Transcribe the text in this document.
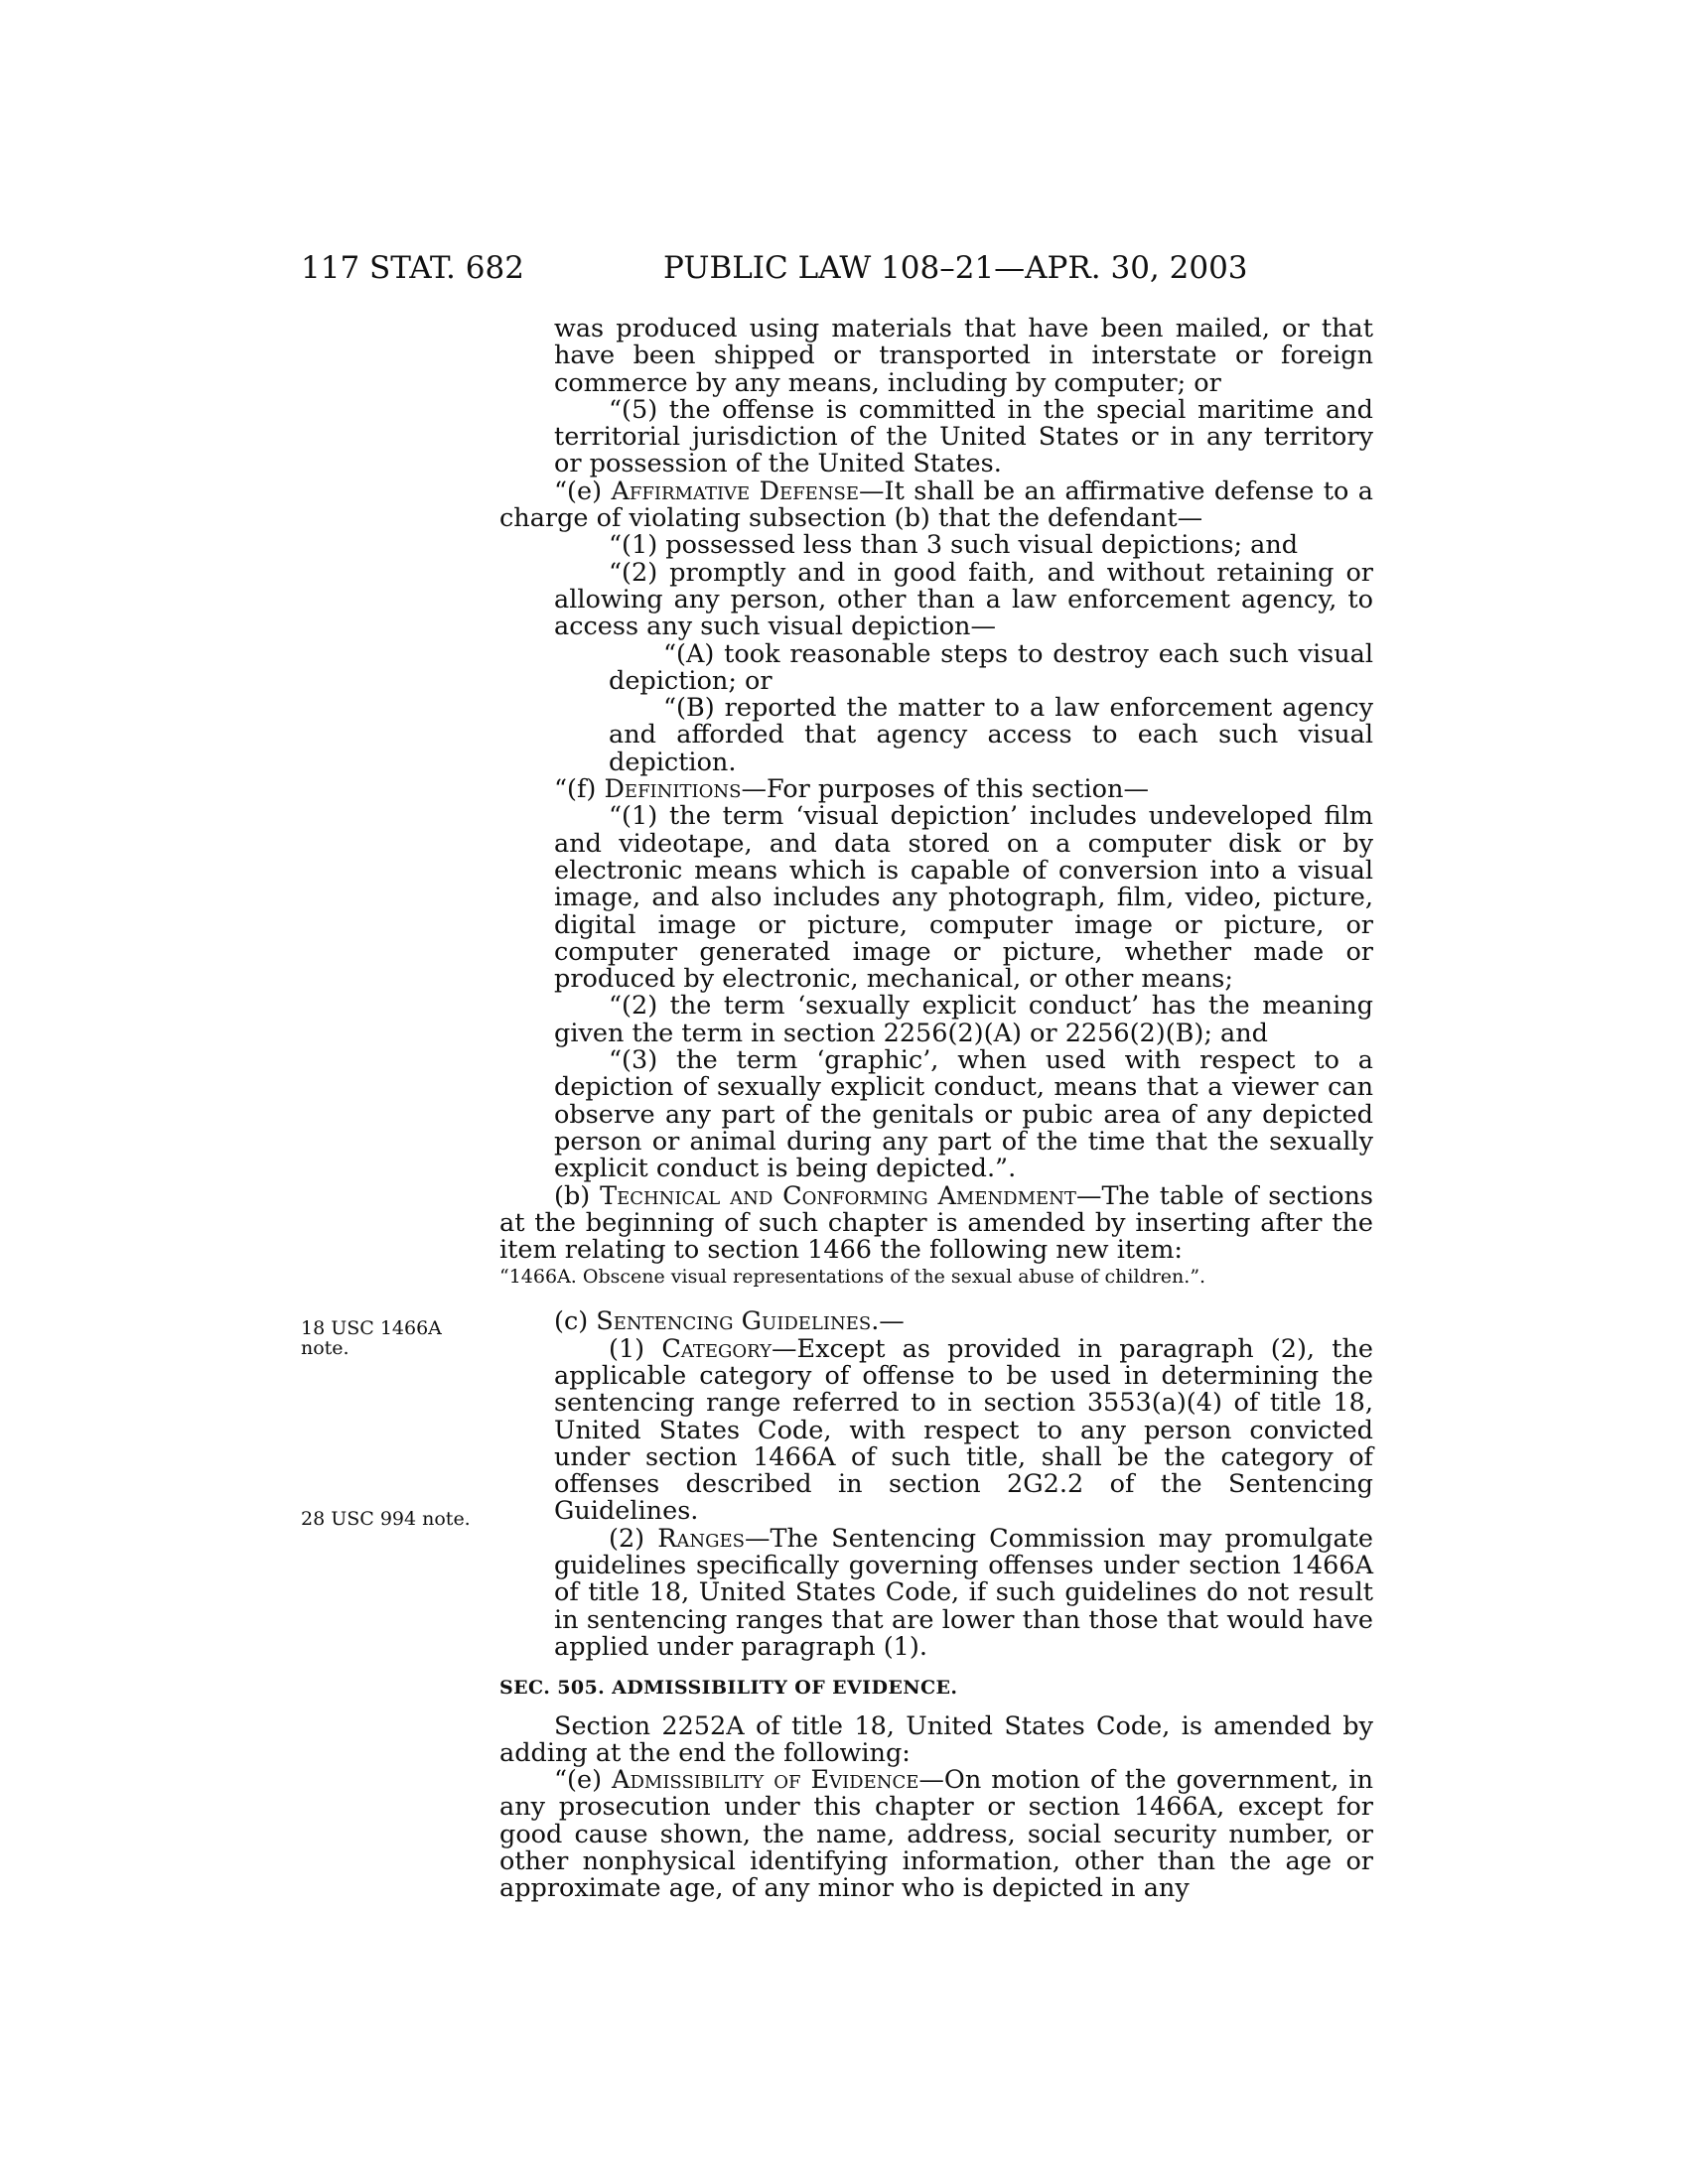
117 STAT. 682	PUBLIC LAW 108–21—APR. 30, 2003
18 USC 1466A note.
28 USC 994 note.

was produced using materials that have been mailed, or that have been shipped or transported in interstate or foreign commerce by any means, including by computer; or

“(5) the offense is committed in the special maritime and territorial jurisdiction of the United States or in any territory or possession of the United States.

“(e) Affirmative Defense—It shall be an affirmative defense to a charge of violating subsection (b) that the defendant—

“(1) possessed less than 3 such visual depictions; and

“(2) promptly and in good faith, and without retaining or allowing any person, other than a law enforcement agency, to access any such visual depiction—

“(A) took reasonable steps to destroy each such visual depiction; or

“(B) reported the matter to a law enforcement agency and afforded that agency access to each such visual depiction.

“(f) Definitions—For purposes of this section—

“(1) the term ‘visual depiction’ includes undeveloped film and videotape, and data stored on a computer disk or by electronic means which is capable of conversion into a visual image, and also includes any photograph, film, video, picture, digital image or picture, computer image or picture, or computer generated image or picture, whether made or produced by electronic, mechanical, or other means;

“(2) the term ‘sexually explicit conduct’ has the meaning given the term in section 2256(2)(A) or 2256(2)(B); and

“(3) the term ‘graphic’, when used with respect to a depiction of sexually explicit conduct, means that a viewer can observe any part of the genitals or pubic area of any depicted person or animal during any part of the time that the sexually explicit conduct is being depicted.”.

(b) Technical and Conforming Amendment—The table of sections at the beginning of such chapter is amended by inserting after the item relating to section 1466 the following new item:

“1466A. Obscene visual representations of the sexual abuse of children.”.

(c) Sentencing Guidelines.—

(1) Category—Except as provided in paragraph (2), the applicable category of offense to be used in determining the sentencing range referred to in section 3553(a)(4) of title 18, United States Code, with respect to any person convicted under section 1466A of such title, shall be the category of offenses described in section 2G2.2 of the Sentencing Guidelines.

(2) Ranges—The Sentencing Commission may promulgate guidelines specifically governing offenses under section 1466A of title 18, United States Code, if such guidelines do not result in sentencing ranges that are lower than those that would have applied under paragraph (1).

SEC. 505. ADMISSIBILITY OF EVIDENCE.

Section 2252A of title 18, United States Code, is amended by adding at the end the following:

“(e) Admissibility of Evidence—On motion of the government, in any prosecution under this chapter or section 1466A, except for good cause shown, the name, address, social security number, or other nonphysical identifying information, other than the age or approximate age, of any minor who is depicted in any
